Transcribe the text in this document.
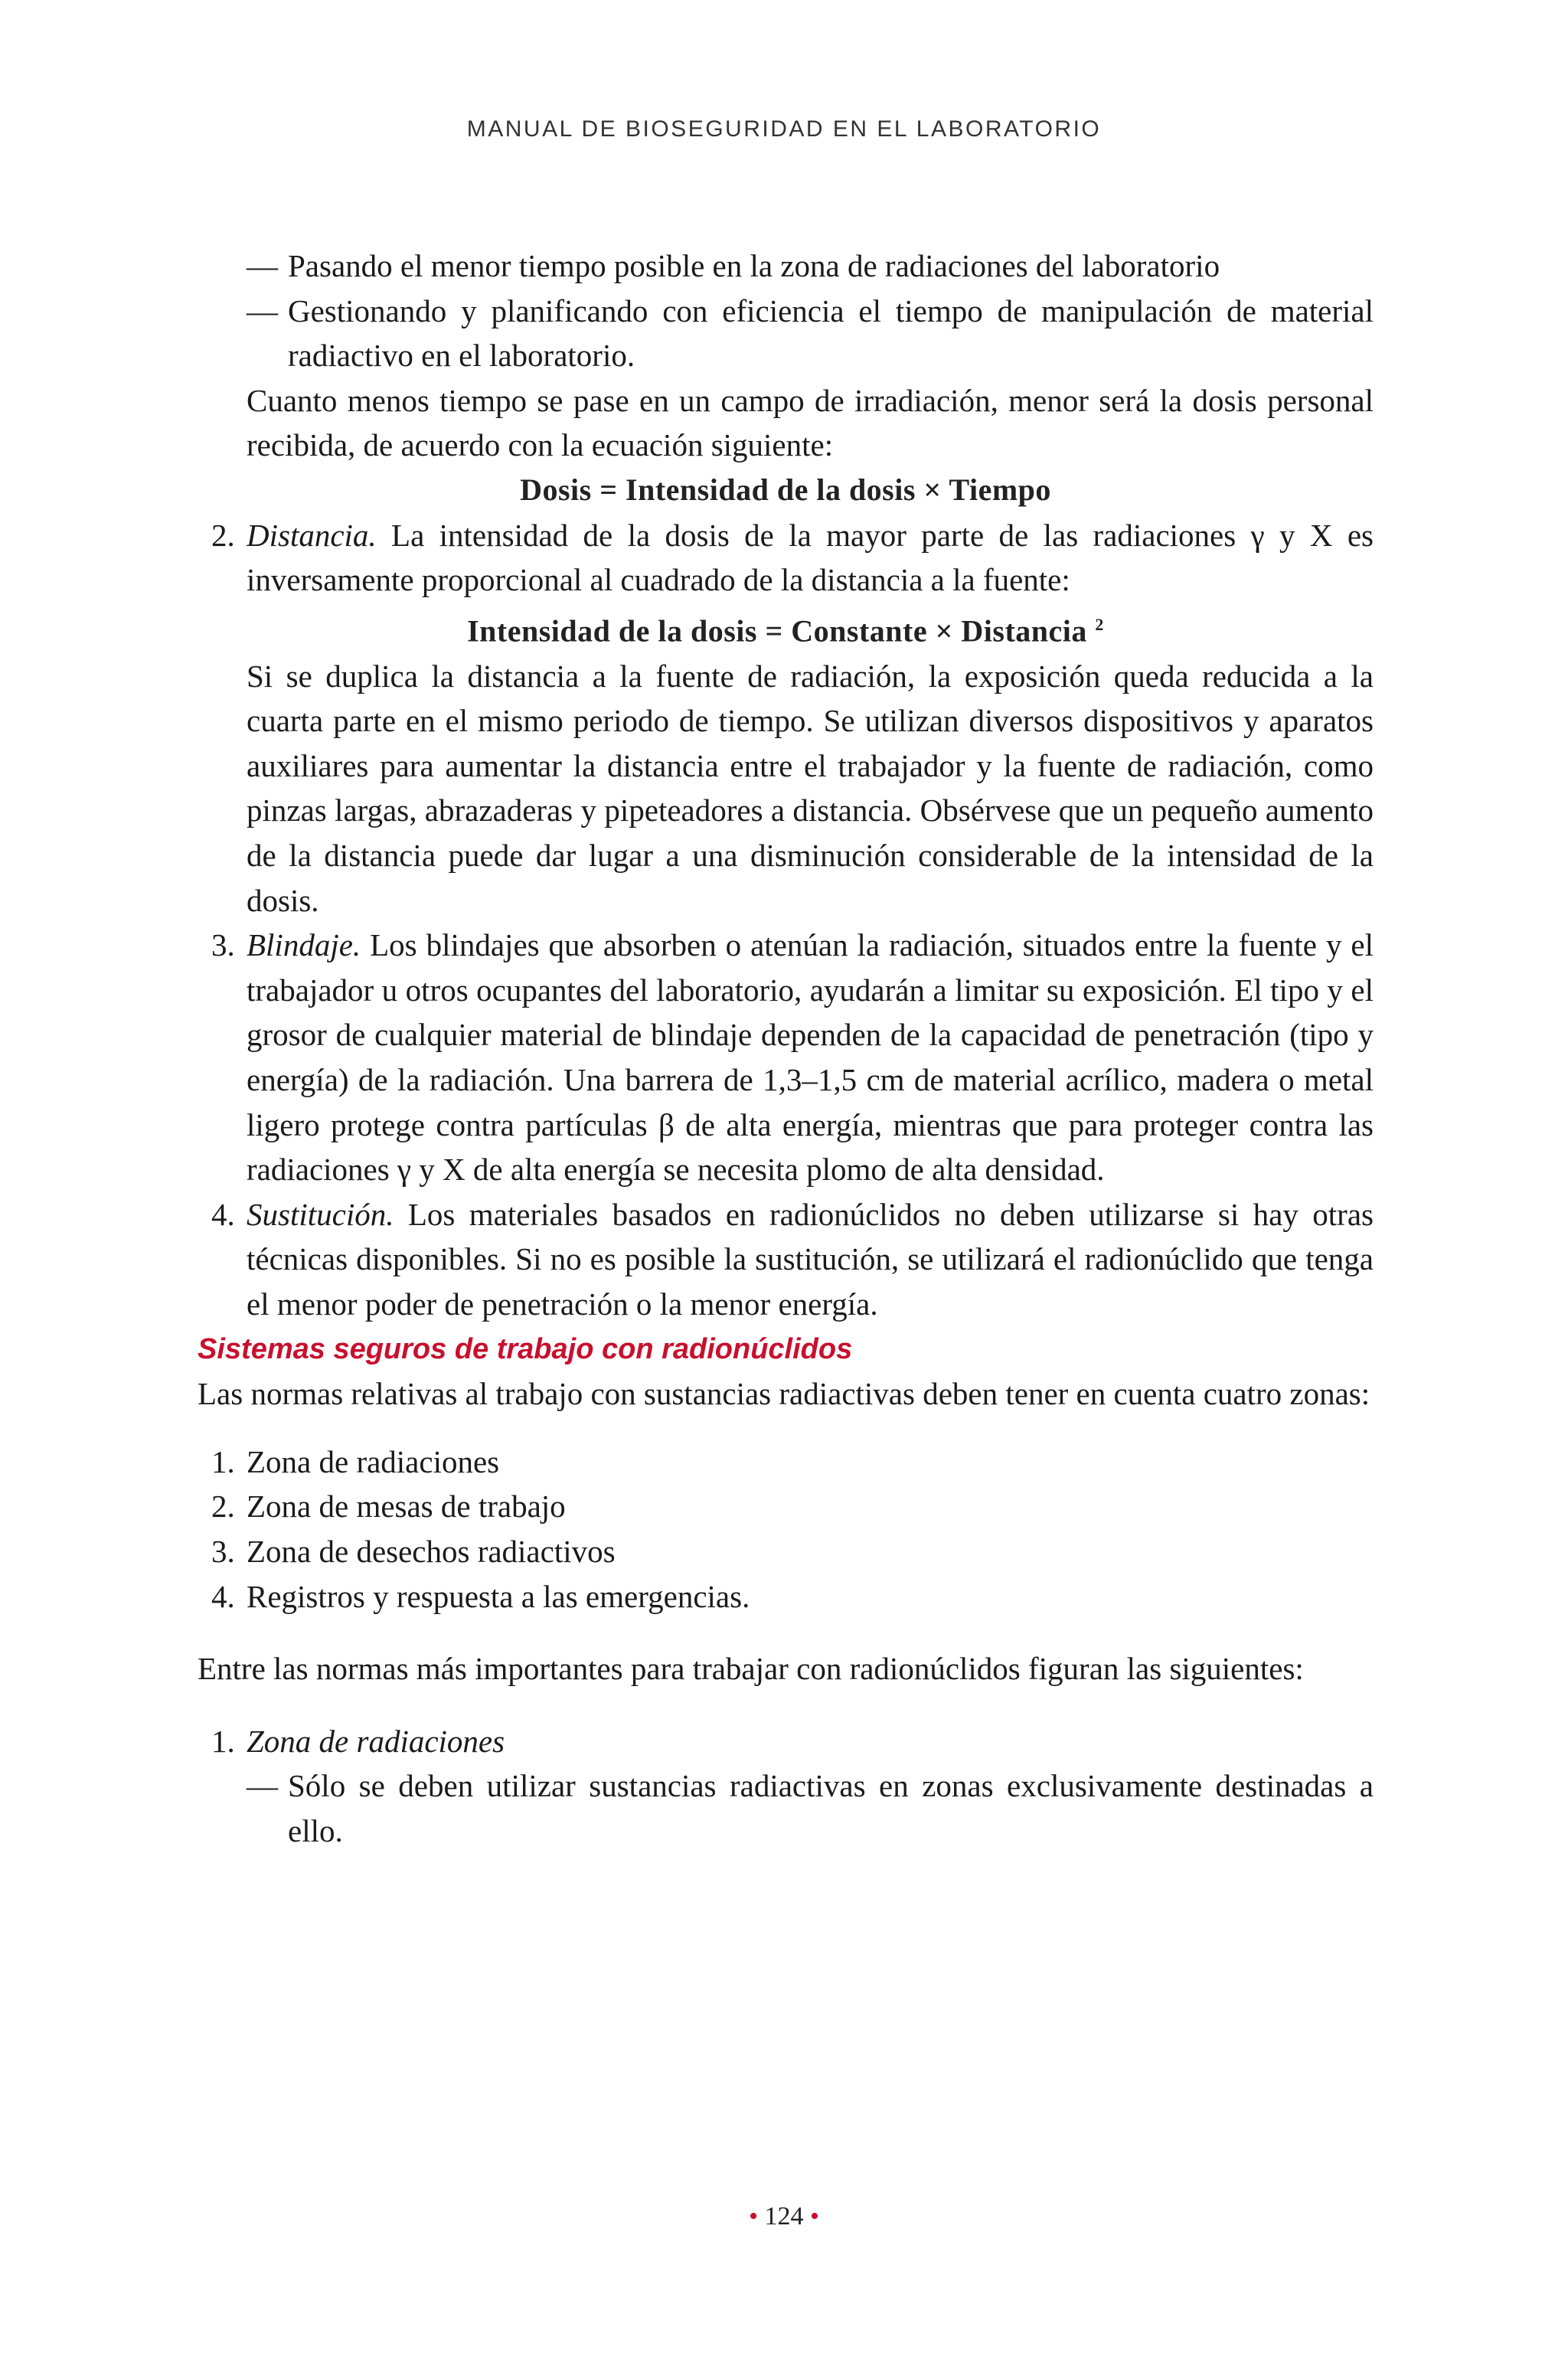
MANUAL DE BIOSEGURIDAD EN EL LABORATORIO

— Pasando el menor tiempo posible en la zona de radiaciones del laboratorio

— Gestionando y planificando con eficiencia el tiempo de manipulación de material radiactivo en el laboratorio.

Cuanto menos tiempo se pase en un campo de irradiación, menor será la dosis personal recibida, de acuerdo con la ecuación siguiente:

Dosis = Intensidad de la dosis × Tiempo

2. Distancia. La intensidad de la dosis de la mayor parte de las radiaciones γ y X es inversamente proporcional al cuadrado de la distancia a la fuente:

Intensidad de la dosis = Constante × Distancia $^2$

Si se duplica la distancia a la fuente de radiación, la exposición queda reducida a la cuarta parte en el mismo periodo de tiempo. Se utilizan diversos dispositivos y aparatos auxiliares para aumentar la distancia entre el trabajador y la fuente de radiación, como pinzas largas, abrazaderas y pipeteadores a distancia. Obsérvese que un pequeño aumento de la distancia puede dar lugar a una disminución considerable de la intensidad de la dosis.

3. Blindaje. Los blindajes que absorben o atenúan la radiación, situados entre la fuente y el trabajador u otros ocupantes del laboratorio, ayudarán a limitar su exposición. El tipo y el grosor de cualquier material de blindaje dependen de la capacidad de penetración (tipo y energía) de la radiación. Una barrera de 1,3–1,5 cm de material acrílico, madera o metal ligero protege contra partículas β de alta energía, mientras que para proteger contra las radiaciones γ y X de alta energía se necesita plomo de alta densidad.

4. Sustitución. Los materiales basados en radionúclidos no deben utilizarse si hay otras técnicas disponibles. Si no es posible la sustitución, se utilizará el radionúclido que tenga el menor poder de penetración o la menor energía.

Sistemas seguros de trabajo con radionúclidos

Las normas relativas al trabajo con sustancias radiactivas deben tener en cuenta cuatro zonas:

1. Zona de radiaciones

2. Zona de mesas de trabajo

3. Zona de desechos radiactivos

4. Registros y respuesta a las emergencias.

Entre las normas más importantes para trabajar con radionúclidos figuran las siguientes:

1. Zona de radiaciones

— Sólo se deben utilizar sustancias radiactivas en zonas exclusivamente destinadas a ello.

• 124 •
